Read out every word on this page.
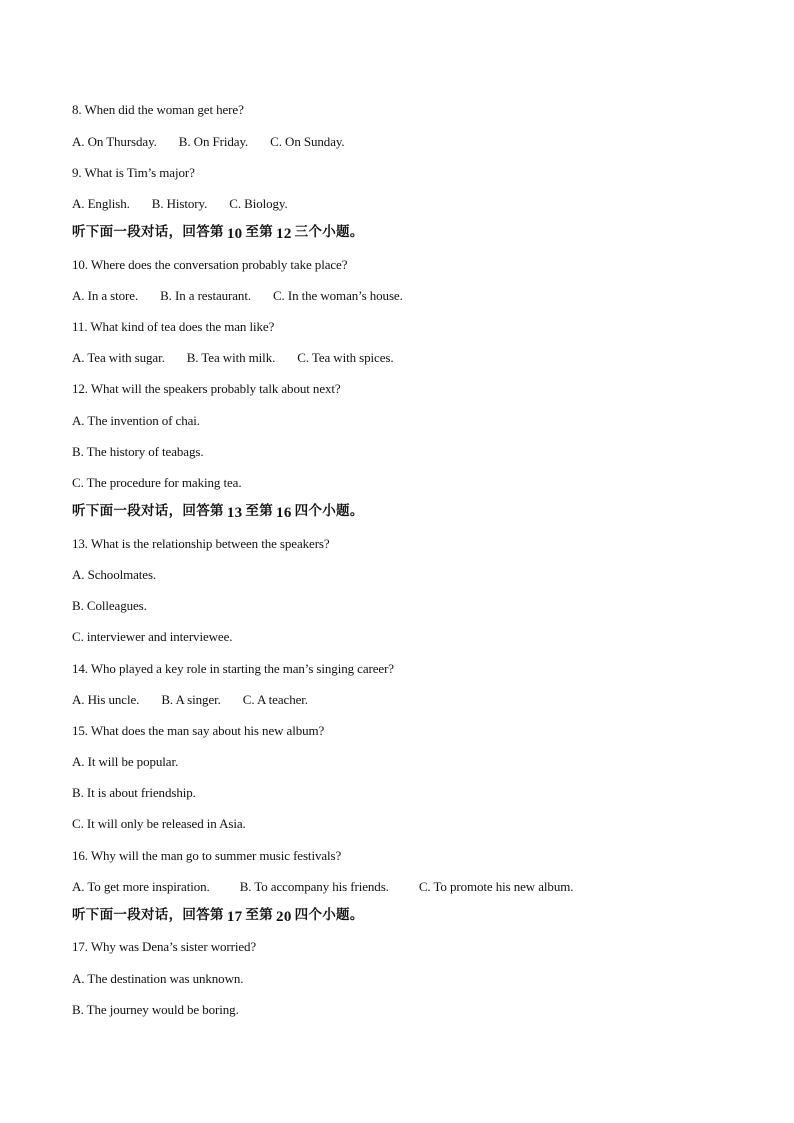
8. When did the woman get here?
A. On Thursday. B. On Friday. C. On Sunday.
9. What is Tim’s major?
A. English. B. History. C. Biology.
听下面一段对话，回答第 10 至第 12 三个小题。
10. Where does the conversation probably take place?
A. In a store. B. In a restaurant. C. In the woman’s house.
11. What kind of tea does the man like?
A. Tea with sugar. B. Tea with milk. C. Tea with spices.
12. What will the speakers probably talk about next?
A. The invention of chai.
B. The history of teabags.
C. The procedure for making tea.
听下面一段对话，回答第 13 至第 16 四个小题。
13. What is the relationship between the speakers?
A. Schoolmates.
B. Colleagues.
C. interviewer and interviewee.
14. Who played a key role in starting the man’s singing career?
A. His uncle. B. A singer. C. A teacher.
15. What does the man say about his new album?
A. It will be popular.
B. It is about friendship.
C. It will only be released in Asia.
16. Why will the man go to summer music festivals?
A. To get more inspiration. B. To accompany his friends. C. To promote his new album.
听下面一段对话，回答第 17 至第 20 四个小题。
17. Why was Dena’s sister worried?
A. The destination was unknown.
B. The journey would be boring.
